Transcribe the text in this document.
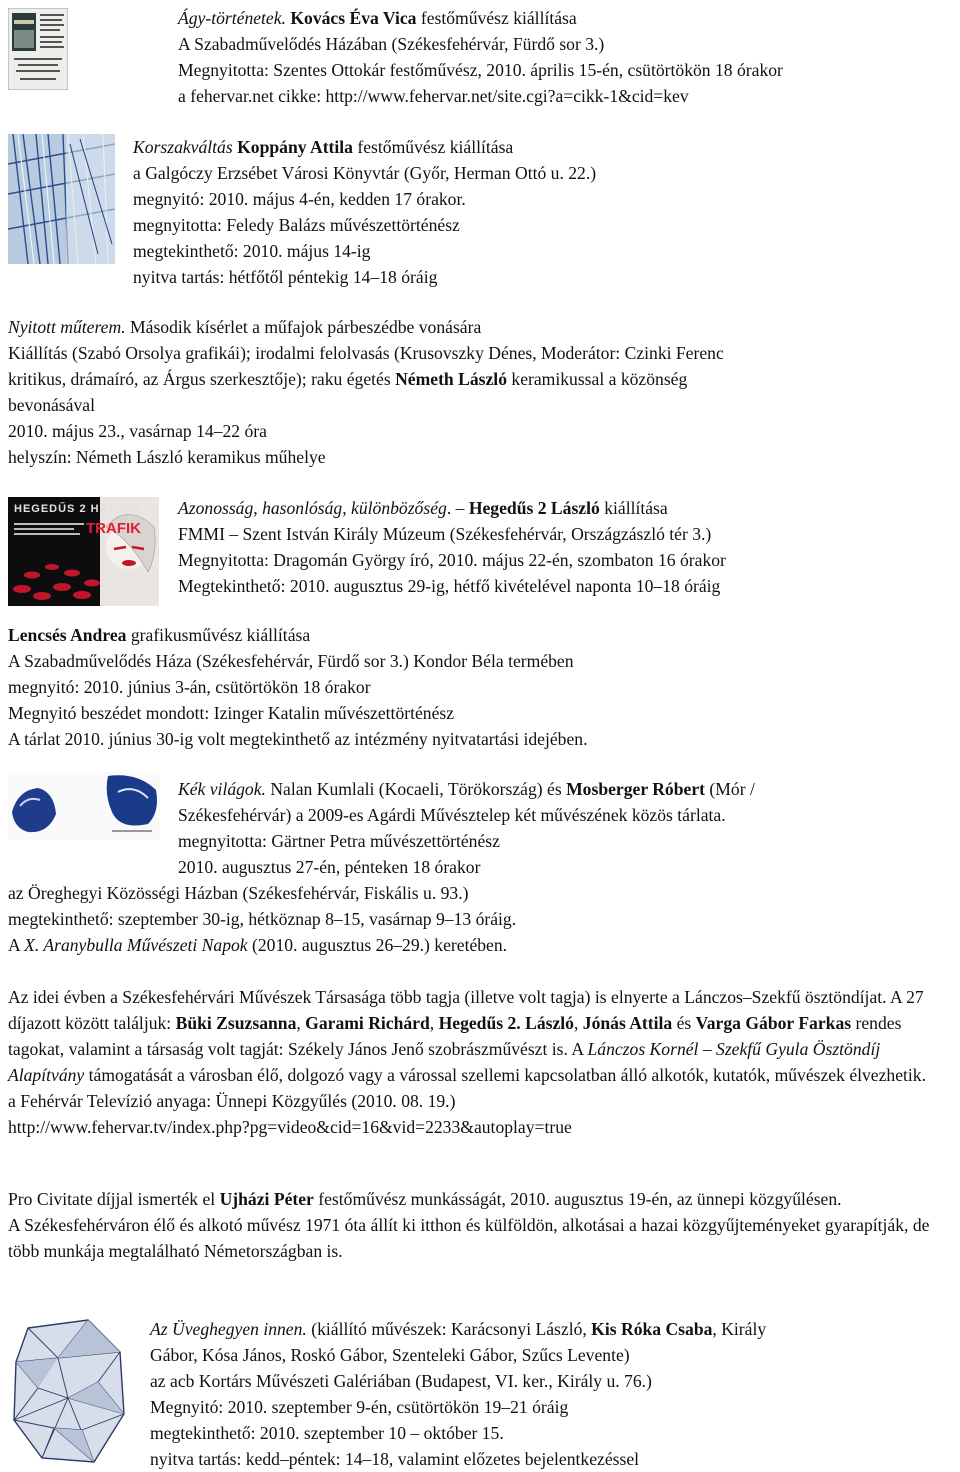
Ágy-történetek. Kovács Éva Vica festőművész kiállítása
A Szabadművelődés Házában (Székesfehérvár, Fürdő sor 3.)
Megnyitotta: Szentes Ottokár festőművész, 2010. április 15-én, csütörtökön 18 órakor
a fehervar.net cikke: http://www.fehervar.net/site.cgi?a=cikk-1&cid=kev
Korszakváltás Koppány Attila festőművész kiállítása
a Galgóczy Erzsébet Városi Könyvtár (Győr, Herman Ottó u. 22.)
megnyitó: 2010. május 4-én, kedden 17 órakor.
megnyitotta: Feledy Balázs művészettörténész
megtekinthető: 2010. május 14-ig
nyitva tartás: hétfőtől péntekig 14–18 óráig
Nyitott műterem. Második kísérlet a műfajok párbeszédbe vonására
Kiállítás (Szabó Orsolya grafikái); irodalmi felolvasás (Krusovszky Dénes, Moderátor: Czinki Ferenc
kritikus, drámaíró, az Árgus szerkesztője); raku égetés Németh László keramikussal a közönség
bevonásával
2010. május 23., vasárnap 14–22 óra
helyszín: Németh László keramikus műhelye
HEGEDŰS 2 HATVAN
TRAFIK
Azonosság, hasonlóság, különbözőség. – Hegedűs 2 László kiállítása
FMMI – Szent István Király Múzeum (Székesfehérvár, Országzászló tér 3.)
Megnyitotta: Dragomán György író, 2010. május 22-én, szombaton 16 órakor
Megtekinthető: 2010. augusztus 29-ig, hétfő kivételével naponta 10–18 óráig
Lencsés Andrea grafikusművész kiállítása
A Szabadművelődés Háza (Székesfehérvár, Fürdő sor 3.) Kondor Béla termében
megnyitó: 2010. június 3-án, csütörtökön 18 órakor
Megnyitó beszédet mondott: Izinger Katalin művészettörténész
A tárlat 2010. június 30-ig volt megtekinthető az intézmény nyitvatartási idejében.
Kék világok. Nalan Kumlali (Kocaeli, Törökország) és Mosberger Róbert (Mór /
Székesfehérvár) a 2009-es Agárdi Művésztelep két művészének közös tárlata.
megnyitotta: Gärtner Petra művészettörténész
2010. augusztus 27-én, pénteken 18 órakor
az Öreghegyi Közösségi Házban (Székesfehérvár, Fiskális u. 93.)
megtekinthető: szeptember 30-ig, hétköznap 8–15, vasárnap 9–13 óráig.
A X. Aranybulla Művészeti Napok (2010. augusztus 26–29.) keretében.
Az idei évben a Székesfehérvári Művészek Társasága több tagja (illetve volt tagja) is elnyerte a Lánczos–Szekfű ösztöndíjat. A 27 díjazott között találjuk: Büki Zsuzsanna, Garami Richárd, Hegedűs 2. László, Jónás Attila és Varga Gábor Farkas rendes tagokat, valamint a társaság volt tagját: Székely János Jenő szobrászművészt is. A Lánczos Kornél – Szekfű Gyula Ösztöndíj Alapítvány támogatását a városban élő, dolgozó vagy a várossal szellemi kapcsolatban álló alkotók, kutatók, művészek élvezhetik.
a Fehérvár Televízió anyaga: Ünnepi Közgyűlés (2010. 08. 19.)
http://www.fehervar.tv/index.php?pg=video&cid=16&vid=2233&autoplay=true
Pro Civitate díjjal ismerték el Ujházi Péter festőművész munkásságát, 2010. augusztus 19-én, az ünnepi közgyűlésen.
A Székesfehérváron élő és alkotó művész 1971 óta állít ki itthon és külföldön, alkotásai a hazai közgyűjteményeket gyarapítják, de több munkája megtalálható Németországban is.
Az Üveghegyen innen. (kiállító művészek: Karácsonyi László, Kis Róka Csaba, Király
Gábor, Kósa János, Roskó Gábor, Szenteleki Gábor, Szűcs Levente)
az acb Kortárs Művészeti Galériában (Budapest, VI. ker., Király u. 76.)
Megnyitó: 2010. szeptember 9-én, csütörtökön 19–21 óráig
megtekinthető: 2010. szeptember 10 – október 15.
nyitva tartás: kedd–péntek: 14–18, valamint előzetes bejelentkezéssel
